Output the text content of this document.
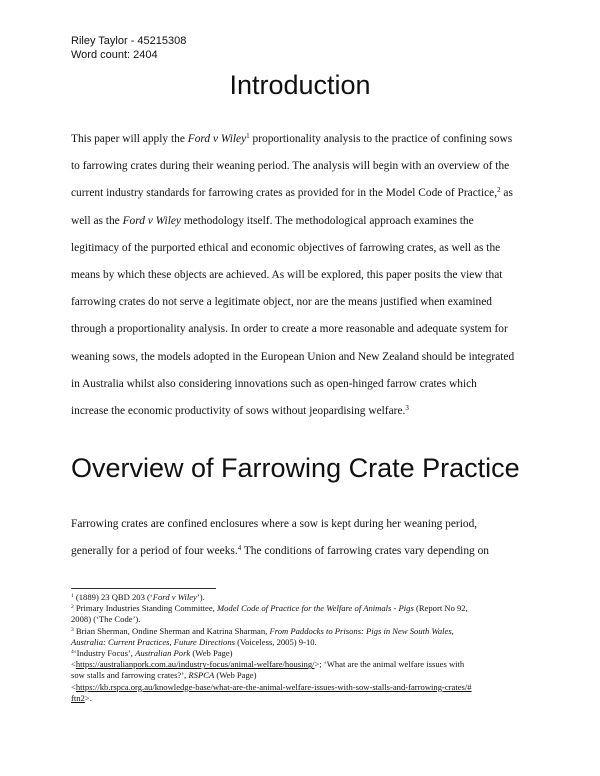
Riley Taylor - 45215308
Word count: 2404
Introduction
This paper will apply the Ford v Wiley$^1$ proportionality analysis to the practice of confining sows
to farrowing crates during their weaning period. The analysis will begin with an overview of the
current industry standards for farrowing crates as provided for in the Model Code of Practice,$^2$ as
well as the Ford v Wiley methodology itself. The methodological approach examines the
legitimacy of the purported ethical and economic objectives of farrowing crates, as well as the
means by which these objects are achieved. As will be explored, this paper posits the view that
farrowing crates do not serve a legitimate object, nor are the means justified when examined
through a proportionality analysis. In order to create a more reasonable and adequate system for
weaning sows, the models adopted in the European Union and New Zealand should be integrated
in Australia whilst also considering innovations such as open-hinged farrow crates which
increase the economic productivity of sows without jeopardising welfare.$^3$
Overview of Farrowing Crate Practice
Farrowing crates are confined enclosures where a sow is kept during her weaning period,
generally for a period of four weeks.$^4$ The conditions of farrowing crates vary depending on
$^1$ (1889) 23 QBD 203 (‘Ford v Wiley’).
$^2$ Primary Industries Standing Committee, Model Code of Practice for the Welfare of Animals - Pigs (Report No 92,
2008) (‘The Code’).
$^3$ Brian Sherman, Ondine Sherman and Katrina Sharman, From Paddocks to Prisons: Pigs in New South Wales,
Australia: Current Practices, Future Directions (Voiceless, 2005) 9-10.
$^4$‘Industry Focus’, Australian Pork (Web Page)
<https://australianpork.com.au/industry-focus/animal-welfare/housing/>; ‘What are the animal welfare issues with
sow stalls and farrowing crates?’, RSPCA (Web Page)
<https://kb.rspca.org.au/knowledge-base/what-are-the-animal-welfare-issues-with-sow-stalls-and-farrowing-crates/#
ftn2>.
